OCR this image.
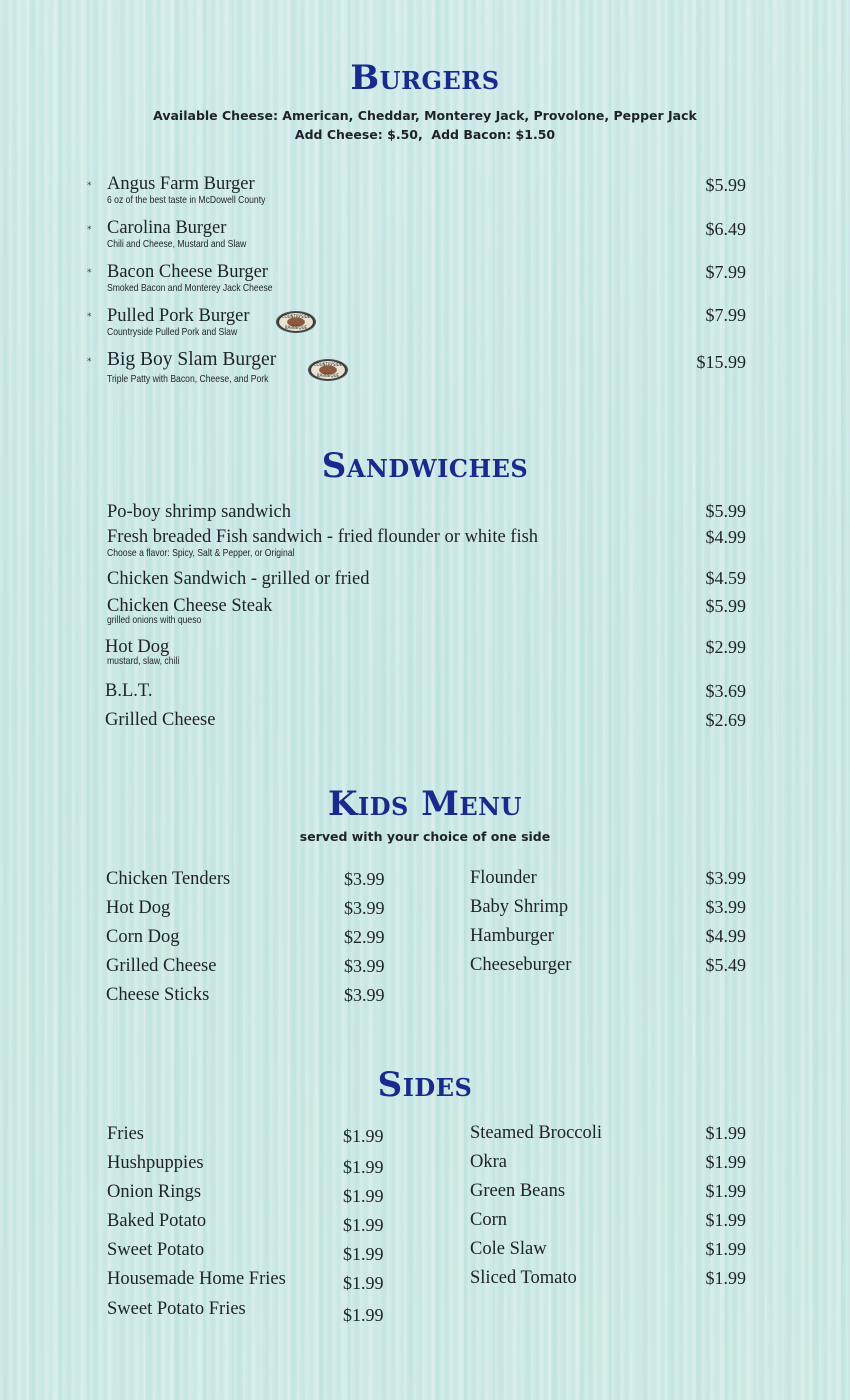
Burgers
Available Cheese: American, Cheddar, Monterey Jack, Provolone, Pepper Jack
Add Cheese: $.50,  Add Bacon: $1.50
* Angus Farm Burger
6 oz of the best taste in McDowell County
$5.99
* Carolina Burger
Chili and Cheese, Mustard and Slaw
$6.49
* Bacon Cheese Burger
Smoked Bacon and Monterey Jack Cheese
$7.99
* Pulled Pork Burger
Countryside Pulled Pork and Slaw
COUNTRYSIDE
BARBEQUE
$7.99
* Big Boy Slam Burger
Triple Patty with Bacon, Cheese, and Pork
COUNTRYSIDE
BARBEQUE
$15.99
Sandwiches
Po-boy shrimp sandwich	$5.99
Fresh breaded Fish sandwich - fried flounder or white fish
Choose a flavor: Spicy, Salt & Pepper, or Original
$4.99
Chicken Sandwich - grilled or fried	$4.59
Chicken Cheese Steak
grilled onions with queso
$5.99
Hot Dog
mustard, slaw, chili
$2.99
B.L.T.	$3.69
Grilled Cheese	$2.69
Kids Menu
served with your choice of one side
Chicken Tenders	$3.99
Hot Dog	$3.99
Corn Dog	$2.99
Grilled Cheese	$3.99
Cheese Sticks	$3.99
Flounder	$3.99
Baby Shrimp	$3.99
Hamburger	$4.99
Cheeseburger	$5.49
Sides
Fries	$1.99
Hushpuppies	$1.99
Onion Rings	$1.99
Baked Potato	$1.99
Sweet Potato	$1.99
Housemade Home Fries	$1.99
Sweet Potato Fries	$1.99
Steamed Broccoli	$1.99
Okra	$1.99
Green Beans	$1.99
Corn	$1.99
Cole Slaw	$1.99
Sliced Tomato	$1.99
